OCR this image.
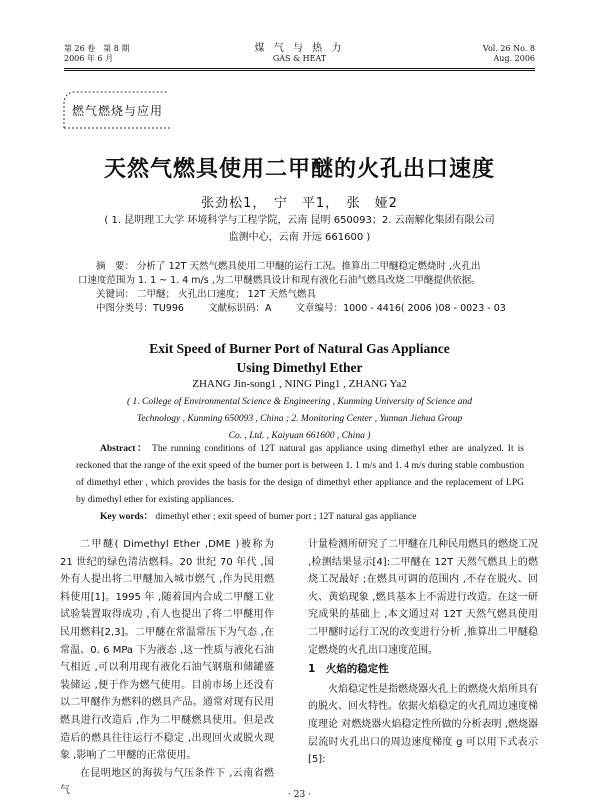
第 26 卷　第 8 期
2006 年 6 月
煤 气 与 热 力
GAS & HEAT
Vol. 26 No. 8
Aug. 2006
燃气燃烧与应用
天然气燃具使用二甲醚的火孔出口速度
张劲松1，　宁　平1，　张　娅2
( 1. 昆明理工大学 环境科学与工程学院，云南 昆明 650093；2. 云南解化集团有限公司
监测中心，云南 开远 661600 )
摘　要： 分析了 12T 天然气燃具使用二甲醚的运行工况。推算出二甲醚稳定燃烧时 ,火孔出
口速度范围为 1. 1 ~ 1. 4 m/s ,为二甲醚燃具设计和现有液化石油气燃具改烧二甲醚提供依据。
关键词： 二甲醚； 火孔出口速度； 12T 天然气燃具
中图分类号：TU996	文献标识码：A	文章编号：1000 - 4416( 2006 )08 - 0023 - 03
Exit Speed of Burner Port of Natural Gas Appliance
Using Dimethyl Ether
ZHANG Jin-song1 , NING Ping1 , ZHANG Ya2
( 1. College of Environmental Science & Engineering , Kunming University of Science and
Technology , Kunming 650093 , China ; 2. Monitoring Center , Yunnan Jiehua Group
Co. , Ltd. , Kaiyuan 661600 , China )
Abstract： The running conditions of 12T natural gas appliance using dimethyl ether are analyzed. It is reckoned that the range of the exit speed of the burner port is between 1. 1 m/s and 1. 4 m/s during stable combustion of dimethyl ether , which provides the basis for the design of dimethyl ether appliance and the replacement of LPG by dimethyl ether for existing appliances.
Key words： dimethyl ether ; exit speed of burner port ; 12T natural gas appliance

二甲醚( Dimethyl Ether ,DME )被称为 21 世纪的绿色清洁燃料。20 世纪 70 年代 ,国外有人提出将二甲醚加入城市燃气 ,作为民用燃料使用[1]。1995 年 ,随着国内合成二甲醚工业试验装置取得成功 ,有人也提出了将二甲醚用作民用燃料[2,3]。二甲醚在常温常压下为气态 ,在常温、0. 6 MPa 下为液态 ,这一性质与液化石油气相近 ,可以利用现有液化石油气钢瓶和储罐盛装储运 ,便于作为燃气使用。目前市场上还没有以二甲醚作为燃料的燃具产品。通常对现有民用燃具进行改造后 ,作为二甲醚燃具使用。但是改造后的燃具往往运行不稳定 ,出现回火或脱火现象 ,影响了二甲醚的正常使用。

在昆明地区的海拔与气压条件下 ,云南省燃气

计量检测所研究了二甲醚在几种民用燃具的燃烧工况 ,检测结果显示[4]:二甲醚在 12T 天然气燃具上的燃烧工况最好 ;在燃具可调的范围内 ,不存在脱火、回火、黄焰现象 ,燃具基本上不需进行改造。在这一研究成果的基础上 ,本文通过对 12T 天然气燃具使用二甲醚时运行工况的改变进行分析 ,推算出二甲醚稳定燃烧的火孔出口速度范围。

1　火焰的稳定性

火焰稳定性是指燃烧器火孔上的燃烧火焰所具有的脱火、回火特性。依据火焰稳定的火孔周边速度梯度理论 对燃烧器火焰稳定性所做的分析表明 ,燃烧器层流时火孔出口的周边速度梯度 g 可以用下式表示[5]:

· 23 ·
